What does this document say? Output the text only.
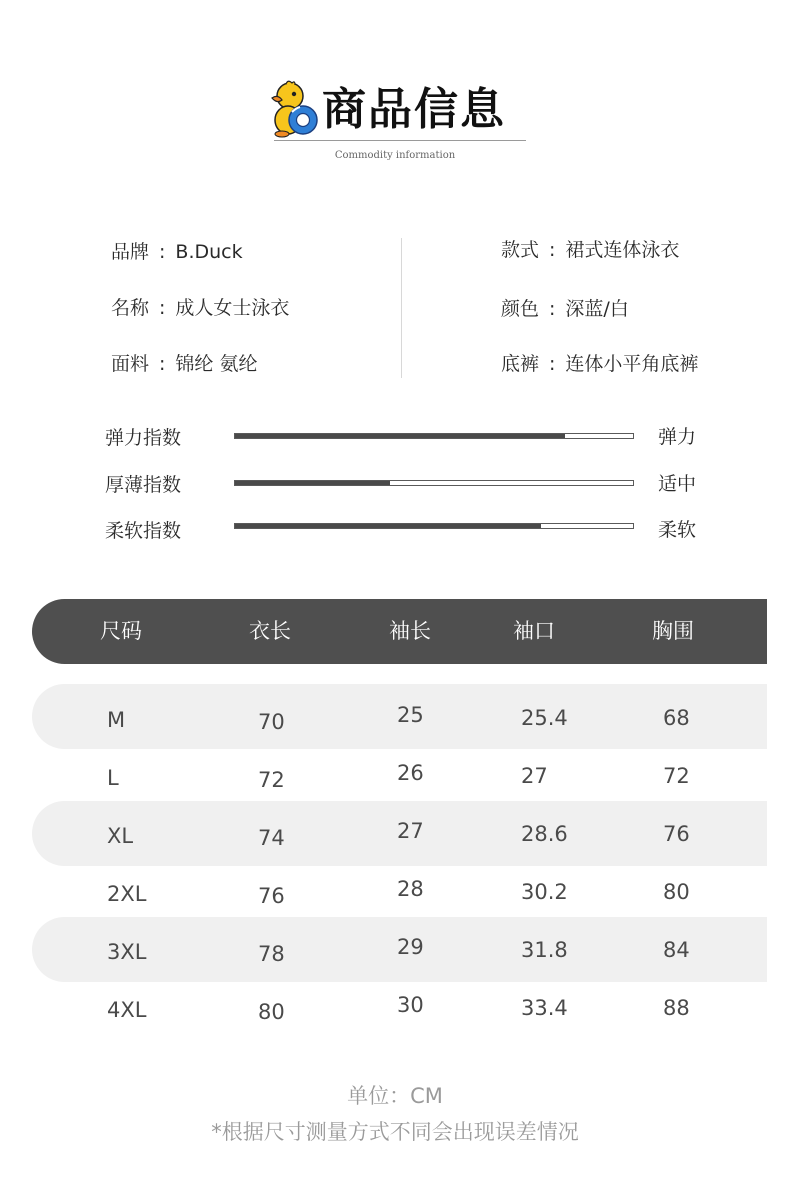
商品信息
Commodity information
品牌 : B.Duck
名称 : 成人女士泳衣
面料 : 锦纶 氨纶
款式 : 裙式连体泳衣
颜色 : 深蓝/白
底裤 : 连体小平角底裤
弹力指数	弹力
厚薄指数	适中
柔软指数	柔软
尺码	衣长	袖长	袖口	胸围
M	70	25	25.4	68
L	72	26	27	72
XL	74	27	28.6	76
2XL	76	28	30.2	80
3XL	78	29	31.8	84
4XL	80	30	33.4	88
单位：CM
*根据尺寸测量方式不同会出现误差情况
